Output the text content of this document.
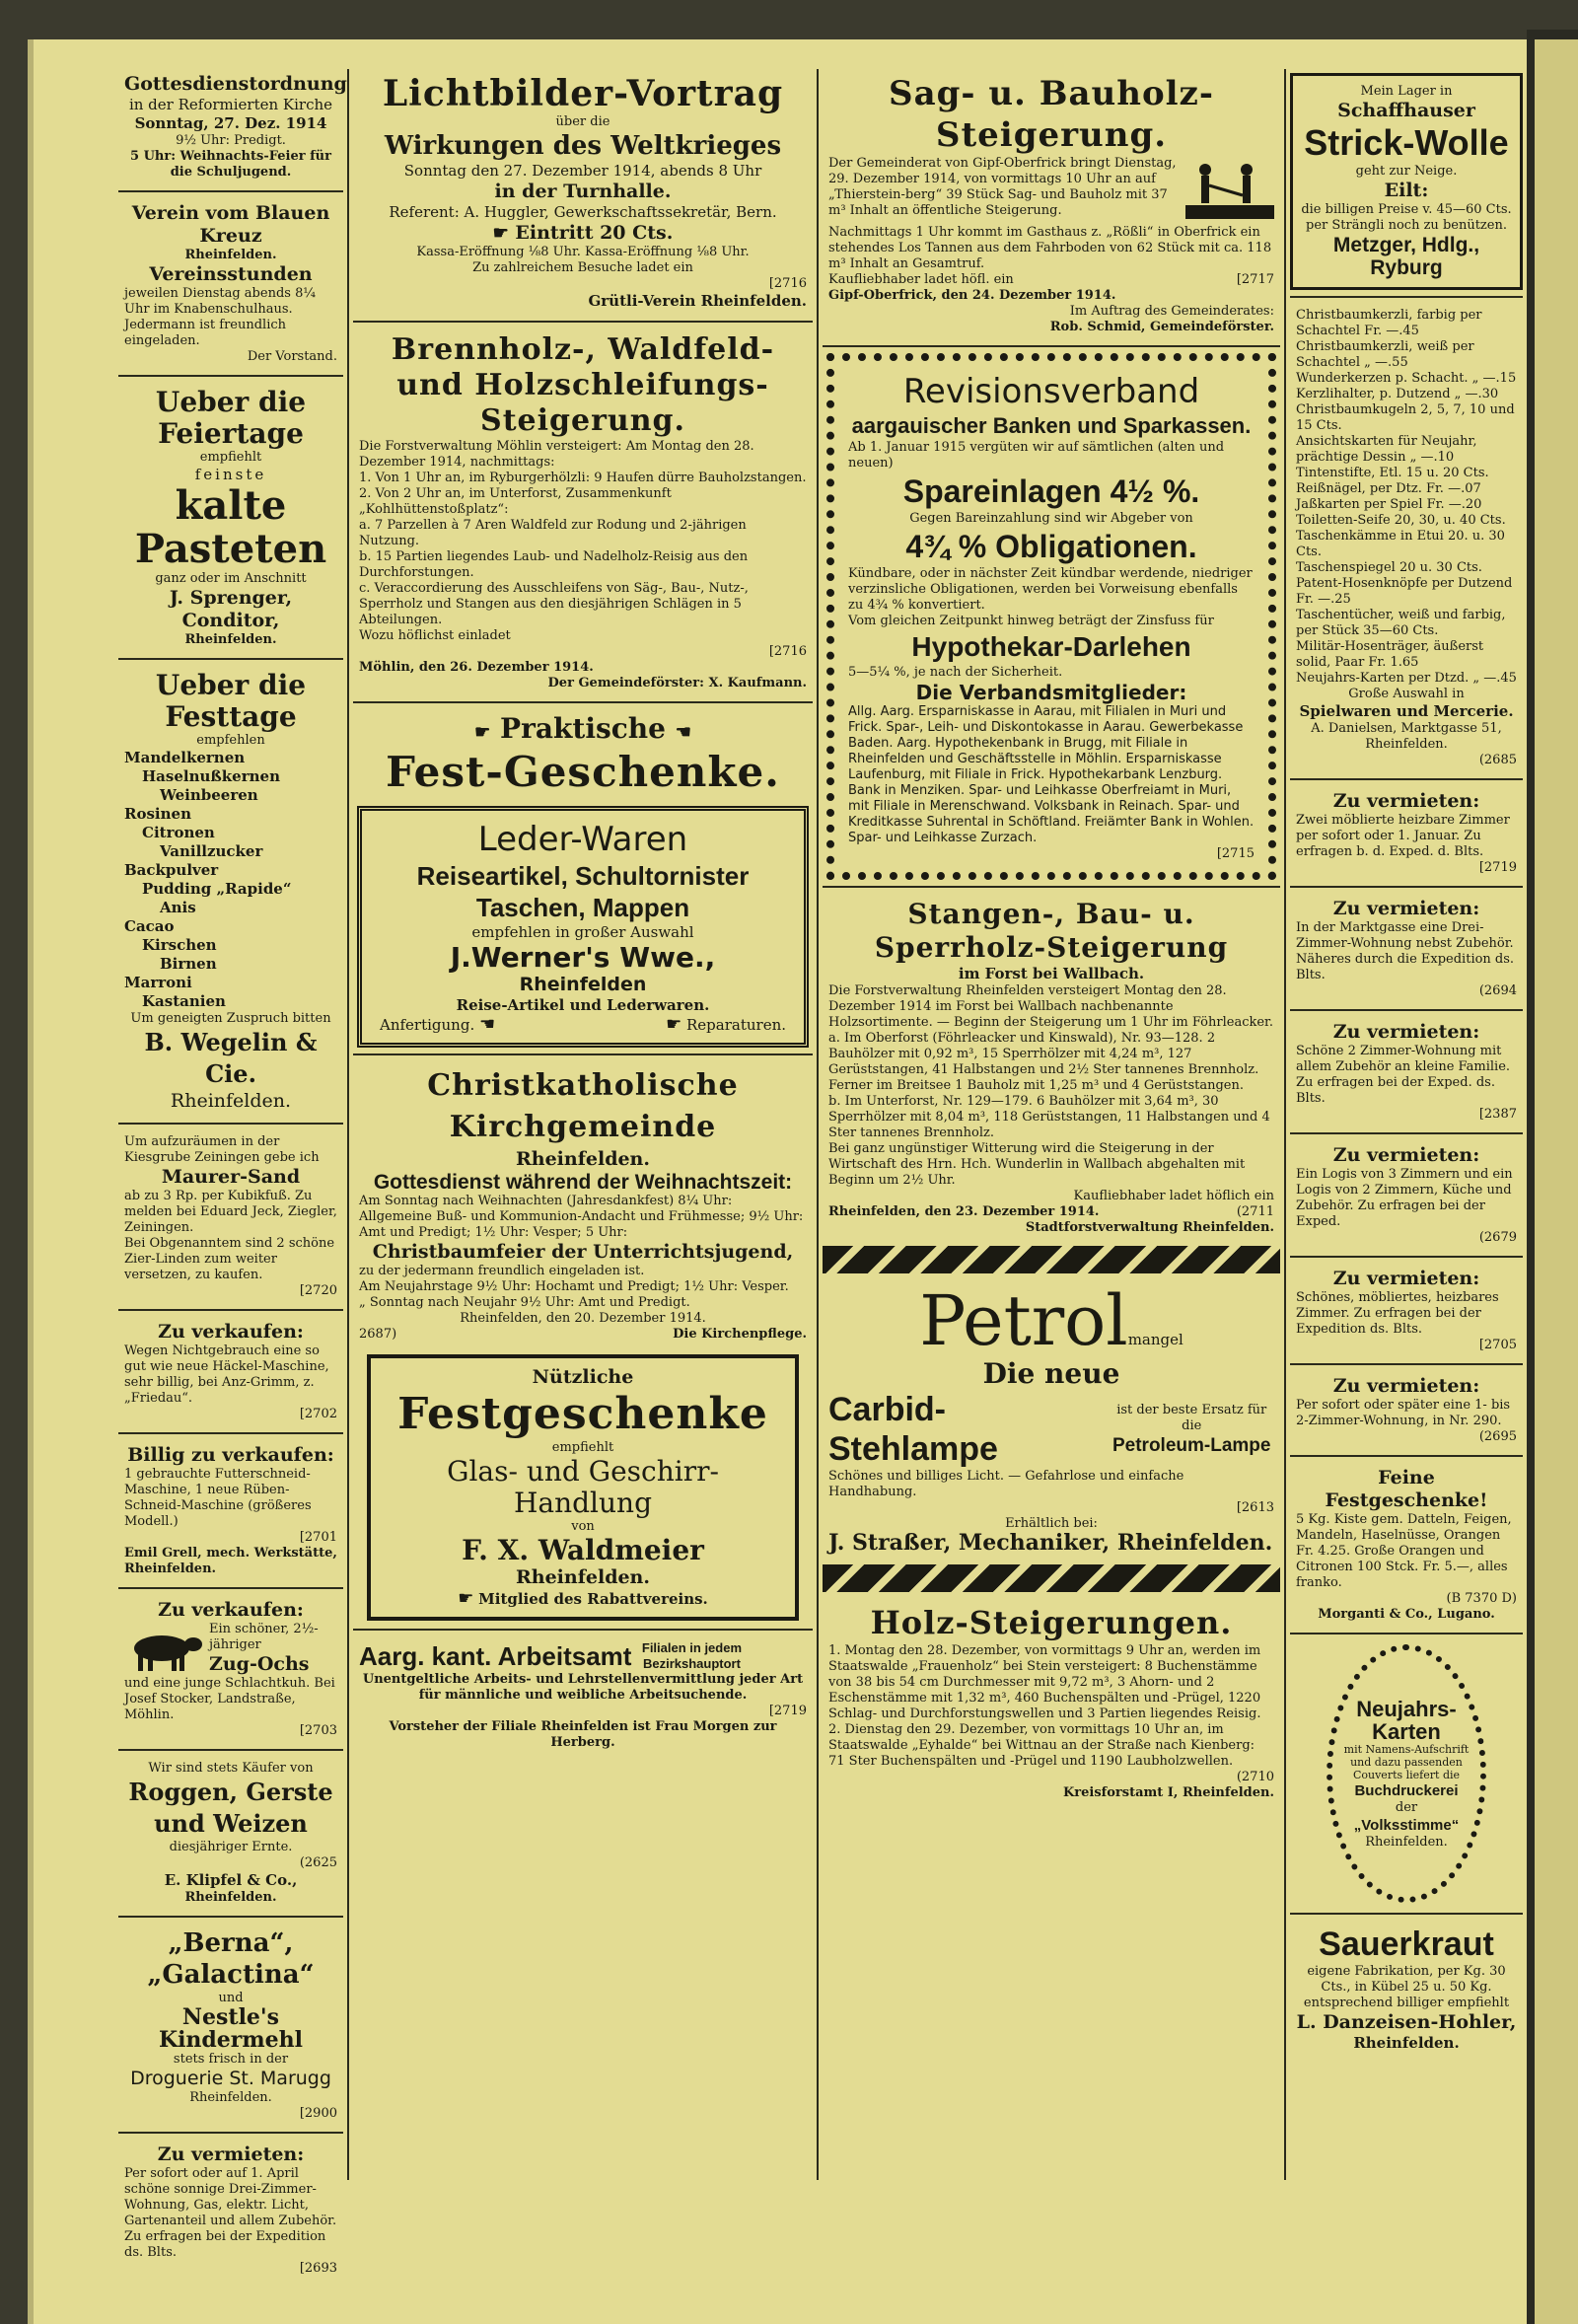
Gottesdienstordnung
in der Reformierten Kirche
Sonntag, 27. Dez. 1914
9½ Uhr: Predigt.
5 Uhr: Weihnachts-Feier für die Schuljugend.
Verein vom Blauen Kreuz
Rheinfelden.
Vereinsstunden
jeweilen Dienstag abends 8¼ Uhr im Knabenschulhaus. Jedermann ist freundlich eingeladen.
Der Vorstand.
Ueber die Feiertage
empfiehlt
feinste
kalte Pasteten
ganz oder im Anschnitt
J. Sprenger, Conditor,
Rheinfelden.
Ueber die Festtage
empfehlen
Mandelkernen
Haselnußkernen
Weinbeeren
Rosinen
Citronen
Vanillzucker
Backpulver
Pudding „Rapide“
Anis
Cacao
Kirschen
Birnen
Marroni
Kastanien
Um geneigten Zuspruch bitten
B. Wegelin & Cie.
Rheinfelden.
Um aufzuräumen in der Kiesgrube Zeiningen gebe ich
Maurer-Sand
ab zu 3 Rp. per Kubikfuß. Zu melden bei Eduard Jeck, Ziegler, Zeiningen.
Bei Obgenanntem sind 2 schöne Zier-Linden zum weiter versetzen, zu kaufen.
[2720
Zu verkaufen:
Wegen Nichtgebrauch eine so gut wie neue Häckel-Maschine, sehr billig, bei Anz-Grimm, z. „Friedau“.
[2702
Billig zu verkaufen:
1 gebrauchte Futterschneid-Maschine, 1 neue Rüben-Schneid-Maschine (größeres Modell.)
[2701
Emil Grell, mech. Werkstätte, Rheinfelden.
Zu verkaufen:
Ein schöner, 2½-jähriger
Zug-Ochs
und eine junge Schlachtkuh. Bei Josef Stocker, Landstraße, Möhlin.
[2703
Wir sind stets Käufer von
Roggen, Gerste und Weizen
diesjähriger Ernte.
(2625
E. Klipfel & Co.,
Rheinfelden.
„Berna“,
„Galactina“
und
Nestle's Kindermehl
stets frisch in der
Droguerie St. Marugg
Rheinfelden.
[2900
Zu vermieten:
Per sofort oder auf 1. April schöne sonnige Drei-Zimmer-Wohnung, Gas, elektr. Licht, Gartenanteil und allem Zubehör. Zu erfragen bei der Expedition ds. Blts.
[2693
Lichtbilder-Vortrag
über die
Wirkungen des Weltkrieges
Sonntag den 27. Dezember 1914, abends 8 Uhr
in der Turnhalle.
Referent: A. Huggler, Gewerkschaftssekretär, Bern.
☛ Eintritt 20 Cts.
Kassa-Eröffnung ⅛8 Uhr. Kassa-Eröffnung ⅛8 Uhr.
Zu zahlreichem Besuche ladet ein
[2716
Grütli-Verein Rheinfelden.
Brennholz-, Waldfeld- und Holzschleifungs-Steigerung.
Die Forstverwaltung Möhlin versteigert: Am Montag den 28. Dezember 1914, nachmittags:
1. Von 1 Uhr an, im Ryburgerhölzli: 9 Haufen dürre Bauholzstangen.
2. Von 2 Uhr an, im Unterforst, Zusammenkunft „Kohlhüttenstoßplatz“:
a. 7 Parzellen à 7 Aren Waldfeld zur Rodung und 2-jährigen Nutzung.
b. 15 Partien liegendes Laub- und Nadelholz-Reisig aus den Durchforstungen.
c. Veraccordierung des Ausschleifens von Säg-, Bau-, Nutz-, Sperrholz und Stangen aus den diesjährigen Schlägen in 5 Abteilungen.
Wozu höflichst einladet
[2716
Möhlin, den 26. Dezember 1914.
Der Gemeindeförster: X. Kaufmann.
☛ Praktische ☚
Fest-Geschenke.
Leder-Waren
Reiseartikel, Schultornister
Taschen, Mappen
empfehlen in großer Auswahl
J.Werner's Wwe.,
Rheinfelden
Reise-Artikel und Lederwaren.
Anfertigung. ☚	☛ Reparaturen.
Christkatholische Kirchgemeinde
Rheinfelden.
Gottesdienst während der Weihnachtszeit:
Am Sonntag nach Weihnachten (Jahresdankfest) 8¼ Uhr: Allgemeine Buß- und Kommunion-Andacht und Frühmesse; 9½ Uhr: Amt und Predigt; 1½ Uhr: Vesper; 5 Uhr:
Christbaumfeier der Unterrichtsjugend,
zu der jedermann freundlich eingeladen ist.
Am Neujahrstage 9½ Uhr: Hochamt und Predigt; 1½ Uhr: Vesper.
„ Sonntag nach Neujahr 9½ Uhr: Amt und Predigt.
Rheinfelden, den 20. Dezember 1914.
2687)	Die Kirchenpflege.
Nützliche
Festgeschenke
empfiehlt
Glas- und Geschirr-
Handlung
von
F. X. Waldmeier
Rheinfelden.
☛ Mitglied des Rabattvereins.
Aarg. kant. Arbeitsamt Filialen in jedem Bezirkshauptort
Unentgeltliche Arbeits- und Lehrstellenvermittlung jeder Art für männliche und weibliche Arbeitsuchende.
[2719
Vorsteher der Filiale Rheinfelden ist Frau Morgen zur Herberg.
Sag- u. Bauholz-Steigerung.
Der Gemeinderat von Gipf-Oberfrick bringt Dienstag, 29. Dezember 1914, von vormittags 10 Uhr an auf „Thierstein-berg“ 39 Stück Sag- und Bauholz mit 37 m³ Inhalt an öffentliche Steigerung.
Nachmittags 1 Uhr kommt im Gasthaus z. „Rößli“ in Oberfrick ein stehendes Los Tannen aus dem Fahrboden von 62 Stück mit ca. 118 m³ Inhalt an Gesamtruf.
Kaufliebhaber ladet höfl. ein	[2717
Gipf-Oberfrick, den 24. Dezember 1914.
Im Auftrag des Gemeinderates:
Rob. Schmid, Gemeindeförster.
Revisionsverband
aargauischer Banken und Sparkassen.
Ab 1. Januar 1915 vergüten wir auf sämtlichen (alten und neuen)
Spareinlagen 4½ %.
Gegen Bareinzahlung sind wir Abgeber von
4¾ % Obligationen.
Kündbare, oder in nächster Zeit kündbar werdende, niedriger verzinsliche Obligationen, werden bei Vorweisung ebenfalls zu 4¾ % konvertiert.
Vom gleichen Zeitpunkt hinweg beträgt der Zinsfuss für
Hypothekar-Darlehen
5—5¼ %, je nach der Sicherheit.
Die Verbandsmitglieder:
Allg. Aarg. Ersparniskasse in Aarau, mit Filialen in Muri und Frick. Spar-, Leih- und Diskontokasse in Aarau. Gewerbekasse Baden. Aarg. Hypothekenbank in Brugg, mit Filiale in Rheinfelden und Geschäftsstelle in Möhlin. Ersparniskasse Laufenburg, mit Filiale in Frick. Hypothekarbank Lenzburg. Bank in Menziken. Spar- und Leihkasse Oberfreiamt in Muri, mit Filiale in Merenschwand. Volksbank in Reinach. Spar- und Kreditkasse Suhrental in Schöftland. Freiämter Bank in Wohlen. Spar- und Leihkasse Zurzach.
[2715
Stangen-, Bau- u. Sperrholz-Steigerung
im Forst bei Wallbach.
Die Forstverwaltung Rheinfelden versteigert Montag den 28. Dezember 1914 im Forst bei Wallbach nachbenannte Holzsortimente. — Beginn der Steigerung um 1 Uhr im Föhrleacker.
a. Im Oberforst (Föhrleacker und Kinswald), Nr. 93—128. 2 Bauhölzer mit 0,92 m³, 15 Sperrhölzer mit 4,24 m³, 127 Gerüststangen, 41 Halbstangen und 2½ Ster tannenes Brennholz. Ferner im Breitsee 1 Bauholz mit 1,25 m³ und 4 Gerüststangen.
b. Im Unterforst, Nr. 129—179. 6 Bauhölzer mit 3,64 m³, 30 Sperrhölzer mit 8,04 m³, 118 Gerüststangen, 11 Halbstangen und 4 Ster tannenes Brennholz.
Bei ganz ungünstiger Witterung wird die Steigerung in der Wirtschaft des Hrn. Hch. Wunderlin in Wallbach abgehalten mit Beginn um 2½ Uhr.
Kaufliebhaber ladet höflich ein
Rheinfelden, den 23. Dezember 1914.	(2711
Stadtforstverwaltung Rheinfelden.
Petrolmangel
Die neue
Carbid-Stehlampe
ist der beste Ersatz für die
Petroleum-Lampe
Schönes und billiges Licht. — Gefahrlose und einfache Handhabung.
[2613
Erhältlich bei:
J. Straßer, Mechaniker, Rheinfelden.
Holz-Steigerungen.
1. Montag den 28. Dezember, von vormittags 9 Uhr an, werden im Staatswalde „Frauenholz“ bei Stein versteigert: 8 Buchenstämme von 38 bis 54 cm Durchmesser mit 9,72 m³, 3 Ahorn- und 2 Eschenstämme mit 1,32 m³, 460 Buchenspälten und -Prügel, 1220 Schlag- und Durchforstungswellen und 3 Partien liegendes Reisig.
2. Dienstag den 29. Dezember, von vormittags 10 Uhr an, im Staatswalde „Eyhalde“ bei Wittnau an der Straße nach Kienberg: 71 Ster Buchenspälten und -Prügel und 1190 Laubholzwellen.
(2710
Kreisforstamt I, Rheinfelden.
Mein Lager in
Schaffhauser
Strick-Wolle
geht zur Neige.
Eilt:
die billigen Preise v. 45—60 Cts. per Strängli noch zu benützen.
Metzger, Hdlg., Ryburg
Christbaumkerzli, farbig per Schachtel Fr. —.45
Christbaumkerzli, weiß per Schachtel „ —.55
Wunderkerzen p. Schacht. „ —.15
Kerzlihalter, p. Dutzend „ —.30
Christbaumkugeln 2, 5, 7, 10 und 15 Cts.
Ansichtskarten für Neujahr, prächtige Dessin „ —.10
Tintenstifte, Etl. 15 u. 20 Cts.
Reißnägel, per Dtz. Fr. —.07
Jaßkarten per Spiel Fr. —.20
Toiletten-Seife 20, 30, u. 40 Cts.
Taschenkämme in Etui 20. u. 30 Cts.
Taschenspiegel 20 u. 30 Cts.
Patent-Hosenknöpfe per Dutzend Fr. —.25
Taschentücher, weiß und farbig, per Stück 35—60 Cts.
Militär-Hosenträger, äußerst solid, Paar Fr. 1.65
Neujahrs-Karten per Dtzd. „ —.45
Große Auswahl in
Spielwaren und Mercerie.
A. Danielsen, Marktgasse 51, Rheinfelden.
(2685
Zu vermieten:
Zwei möblierte heizbare Zimmer per sofort oder 1. Januar. Zu erfragen b. d. Exped. d. Blts.
[2719
Zu vermieten:
In der Marktgasse eine Drei-Zimmer-Wohnung nebst Zubehör. Näheres durch die Expedition ds. Blts.
(2694
Zu vermieten:
Schöne 2 Zimmer-Wohnung mit allem Zubehör an kleine Familie. Zu erfragen bei der Exped. ds. Blts.
[2387
Zu vermieten:
Ein Logis von 3 Zimmern und ein Logis von 2 Zimmern, Küche und Zubehör. Zu erfragen bei der Exped.
(2679
Zu vermieten:
Schönes, möbliertes, heizbares Zimmer. Zu erfragen bei der Expedition ds. Blts.
[2705
Zu vermieten:
Per sofort oder später eine 1- bis 2-Zimmer-Wohnung, in Nr. 290.
(2695
Feine Festgeschenke!
5 Kg. Kiste gem. Datteln, Feigen, Mandeln, Haselnüsse, Orangen Fr. 4.25. Große Orangen und Citronen 100 Stck. Fr. 5.—, alles franko.
(B 7370 D)
Morganti & Co., Lugano.
Neujahrs-
Karten
mit Namens-Aufschrift und dazu passenden Couverts liefert die
Buchdruckerei
der
„Volksstimme“
Rheinfelden.
Sauerkraut
eigene Fabrikation, per Kg. 30 Cts., in Kübel 25 u. 50 Kg. entsprechend billiger empfiehlt
L. Danzeisen-Hohler,
Rheinfelden.
